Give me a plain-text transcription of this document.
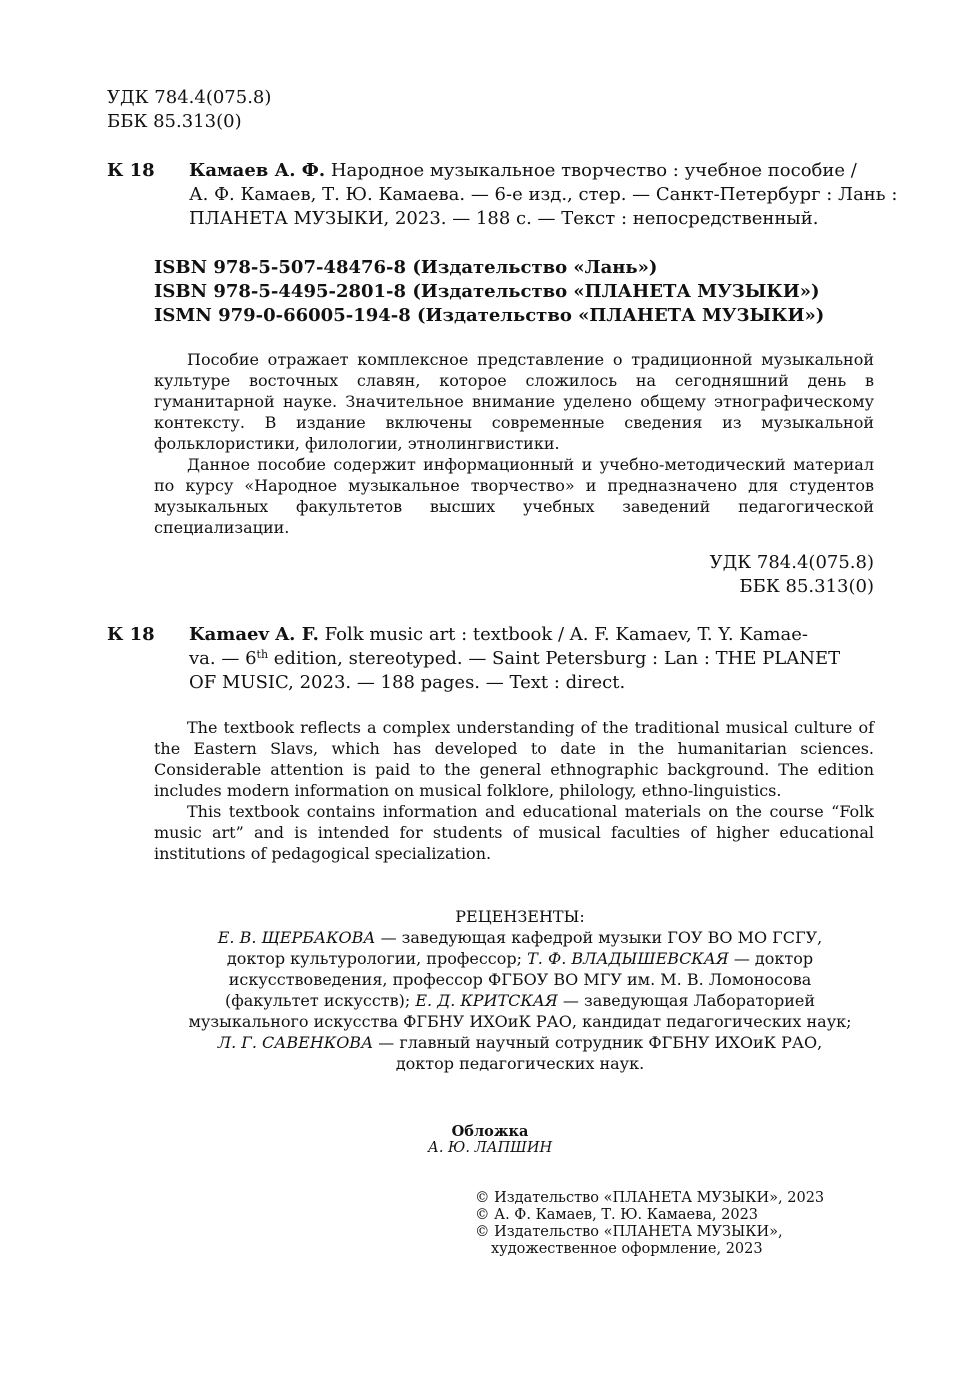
УДК 784.4(075.8)
ББК 85.313(0)
К 18 Камаев А. Ф. Народное музыкальное творчество : учебное пособие /
А. Ф. Камаев, Т. Ю. Камаева. — 6-е изд., стер. — Санкт-Петербург : Лань :
ПЛАНЕТА МУЗЫКИ, 2023. — 188 с. — Текст : непосредственный.
ISBN 978-5-507-48476-8 (Издательство «Лань»)
ISBN 978-5-4495-2801-8 (Издательство «ПЛАНЕТА МУЗЫКИ»)
ISMN 979-0-66005-194-8 (Издательство «ПЛАНЕТА МУЗЫКИ»)

Пособие отражает комплексное представление о традиционной музыкальной культуре восточных славян, которое сложилось на сегодняшний день в гуманитарной науке. Значительное внимание уделено общему этнографическому контексту. В издание включены современные сведения из музыкальной фольклористики, филологии, этнолингвистики.

Данное пособие содержит информационный и учебно-методический материал по курсу «Народное музыкальное творчество» и предназначено для студентов музыкальных факультетов высших учебных заведений педагогической специализации.

УДК 784.4(075.8)
ББК 85.313(0)
К 18 Kamaev A. F. Folk music art : textbook / A. F. Kamaev, T. Y. Kamae-
va. — 6th edition, stereotyped. — Saint Petersburg : Lan : THE PLANET
OF MUSIC, 2023. — 188 pages. — Text : direct.

The textbook reflects a complex understanding of the traditional musical culture of the Eastern Slavs, which has developed to date in the humanitarian sciences. Considerable attention is paid to the general ethnographic background. The edition includes modern information on musical folklore, philology, ethno-linguistics.

This textbook contains information and educational materials on the course “Folk music art” and is intended for students of musical faculties of higher educational institutions of pedagogical specialization.

РЕЦЕНЗЕНТЫ:
Е. В. ЩЕРБАКОВА — заведующая кафедрой музыки ГОУ ВО МО ГСГУ,
доктор культурологии, профессор; Т. Ф. ВЛАДЫШЕВСКАЯ — доктор
искусствоведения, профессор ФГБОУ ВО МГУ им. М. В. Ломоносова
(факультет искусств); Е. Д. КРИТСКАЯ — заведующая Лабораторией
музыкального искусства ФГБНУ ИХОиК РАО, кандидат педагогических наук;
Л. Г. САВЕНКОВА — главный научный сотрудник ФГБНУ ИХОиК РАО,
доктор педагогических наук.
Обложка
А. Ю. ЛАПШИН
© Издательство «ПЛАНЕТА МУЗЫКИ», 2023
© А. Ф. Камаев, Т. Ю. Камаева, 2023
© Издательство «ПЛАНЕТА МУЗЫКИ»,
художественное оформление, 2023
